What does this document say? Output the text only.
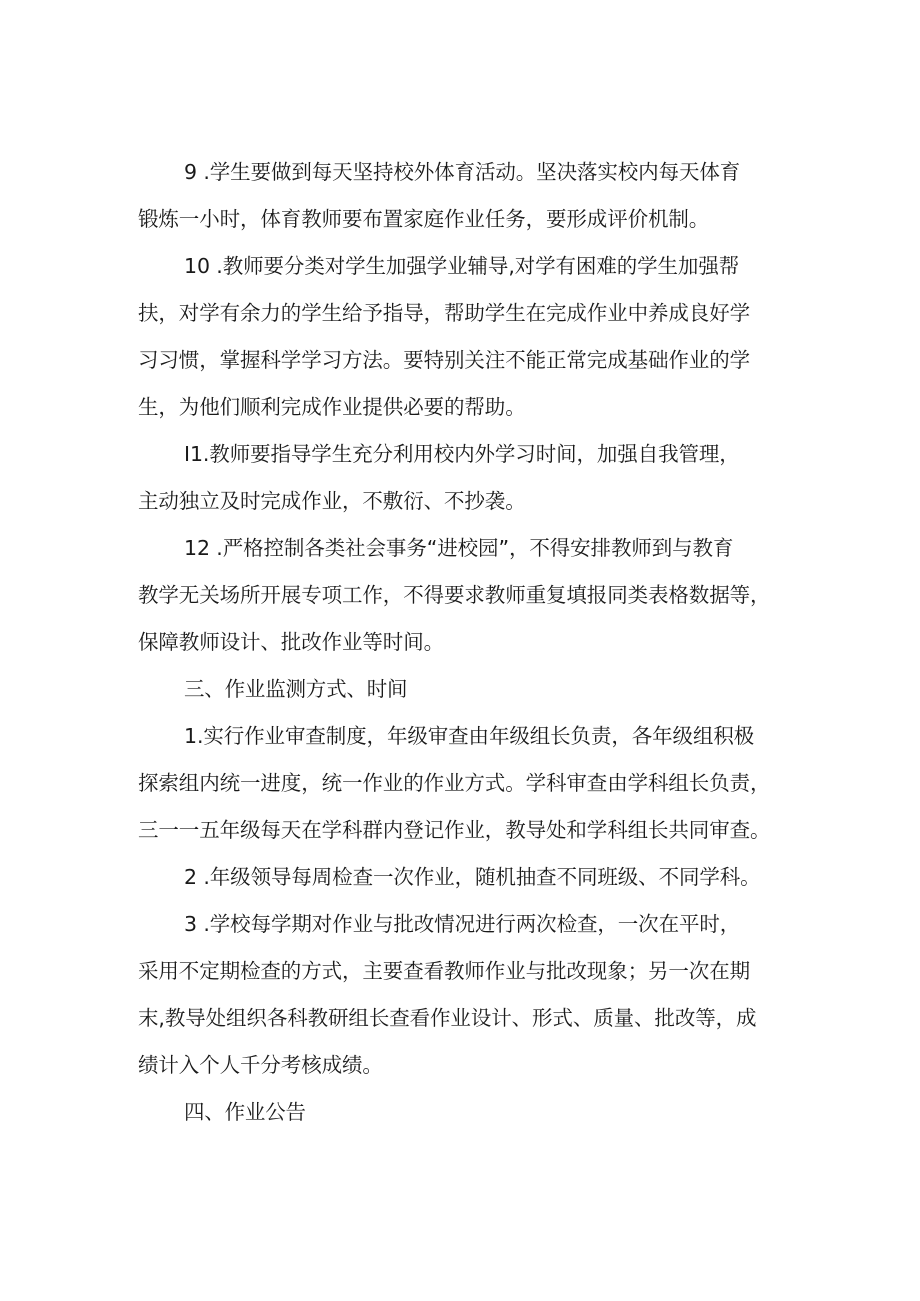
9 .学生要做到每天坚持校外体育活动。坚决落实校内每天体育
锻炼一小时，体育教师要布置家庭作业任务，要形成评价机制。
10 .教师要分类对学生加强学业辅导,对学有困难的学生加强帮
扶，对学有余力的学生给予指导，帮助学生在完成作业中养成良好学
习习惯，掌握科学学习方法。要特别关注不能正常完成基础作业的学
生，为他们顺利完成作业提供必要的帮助。
I1.教师要指导学生充分利用校内外学习时间，加强自我管理，
主动独立及时完成作业，不敷衍、不抄袭。
12 .严格控制各类社会事务“进校园”，不得安排教师到与教育
教学无关场所开展专项工作，不得要求教师重复填报同类表格数据等，
保障教师设计、批改作业等时间。
三、作业监测方式、时间
1.实行作业审查制度，年级审查由年级组长负责，各年级组积极
探索组内统一进度，统一作业的作业方式。学科审查由学科组长负责，
三一一五年级每天在学科群内登记作业，教导处和学科组长共同审查。
2 .年级领导每周检查一次作业，随机抽查不同班级、不同学科。
3 .学校每学期对作业与批改情况进行两次检查，一次在平时，
采用不定期检查的方式，主要查看教师作业与批改现象；另一次在期
末,教导处组织各科教研组长查看作业设计、形式、质量、批改等，成
绩计入个人千分考核成绩。
四、作业公告
